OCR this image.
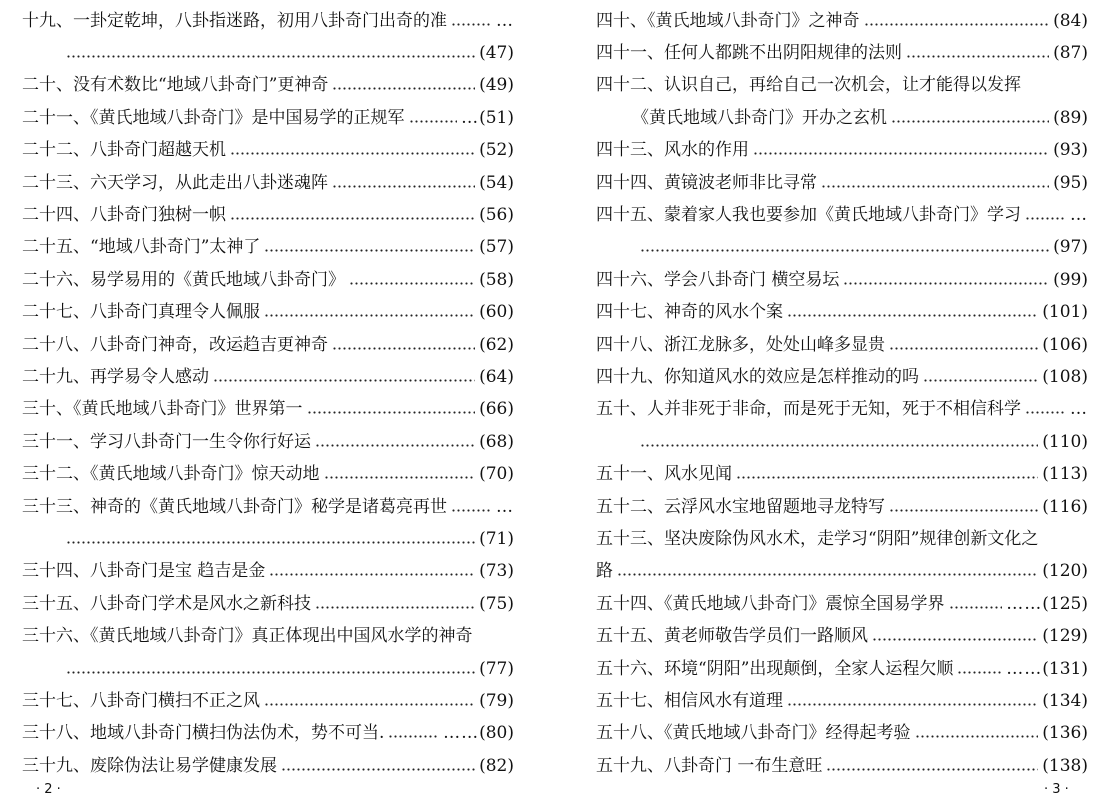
十九、一卦定乾坤，八卦指迷路，初用八卦奇门出奇的准	…
(47)
二十、没有术数比“地域八卦奇门”更神奇	(49)
二十一、《黄氏地域八卦奇门》是中国易学的正规军	… (51)
二十二、八卦奇门超越天机	(52)
二十三、六天学习，从此走出八卦迷魂阵	(54)
二十四、八卦奇门独树一帜	(56)
二十五、“地域八卦奇门”太神了	(57)
二十六、易学易用的《黄氏地域八卦奇门》	(58)
二十七、八卦奇门真理令人佩服	(60)
二十八、八卦奇门神奇，改运趋吉更神奇	(62)
二十九、再学易令人感动	(64)
三十、《黄氏地域八卦奇门》世界第一	(66)
三十一、学习八卦奇门一生令你行好运	(68)
三十二、《黄氏地域八卦奇门》惊天动地	(70)
三十三、神奇的《黄氏地域八卦奇门》秘学是诸葛亮再世	…
(71)
三十四、八卦奇门是宝 趋吉是金	(73)
三十五、八卦奇门学术是风水之新科技	(75)
三十六、《黄氏地域八卦奇门》真正体现出中国风水学的神奇
(77)
三十七、八卦奇门横扫不正之风	(79)
三十八、地域八卦奇门横扫伪法伪术，势不可当.	…… (80)
三十九、废除伪法让易学健康发展	(82)
· 2 ·
四十、《黄氏地域八卦奇门》之神奇	(84)
四十一、任何人都跳不出阴阳规律的法则	(87)
四十二、认识自己，再给自己一次机会，让才能得以发挥
《黄氏地域八卦奇门》开办之玄机	(89)
四十三、风水的作用	(93)
四十四、黄镜波老师非比寻常	(95)
四十五、蒙着家人我也要参加《黄氏地域八卦奇门》学习	…
(97)
四十六、学会八卦奇门 横空易坛	(99)
四十七、神奇的风水个案	(101)
四十八、浙江龙脉多，处处山峰多显贵	(106)
四十九、你知道风水的效应是怎样推动的吗	(108)
五十、人并非死于非命，而是死于无知，死于不相信科学	…
(110)
五十一、风水见闻	(113)
五十二、云浮风水宝地留题地寻龙特写	(116)
五十三、坚决废除伪风水术，走学习“阴阳”规律创新文化之
路	(120)
五十四、《黄氏地域八卦奇门》震惊全国易学界	…… (125)
五十五、黄老师敬告学员们一路顺风	(129)
五十六、环境“阴阳”出现颠倒，全家人运程欠顺	…… (131)
五十七、相信风水有道理	(134)
五十八、《黄氏地域八卦奇门》经得起考验	(136)
五十九、八卦奇门 一布生意旺	(138)
· 3 ·
